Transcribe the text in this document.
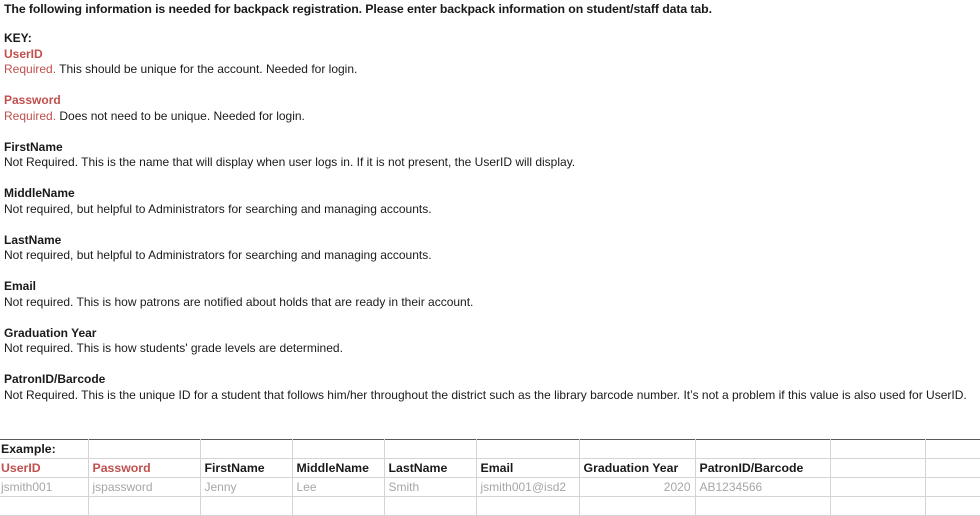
The following information is needed for backpack registration. Please enter backpack information on student/staff data tab.
KEY:
UserID
Required. This should be unique for the account. Needed for login.
Password
Required. Does not need to be unique. Needed for login.
FirstName
Not Required. This is the name that will display when user logs in. If it is not present, the UserID will display.
MiddleName
Not required, but helpful to Administrators for searching and managing accounts.
LastName
Not required, but helpful to Administrators for searching and managing accounts.
Email
Not required. This is how patrons are notified about holds that are ready in their account.
Graduation Year
Not required. This is how students' grade levels are determined.
PatronID/Barcode
Not Required. This is the unique ID for a student that follows him/her throughout the district such as the library barcode number. It’s not a problem if this value is also used for UserID.
Example:									
UserID	Password	FirstName	MiddleName	LastName	Email	Graduation Year	PatronID/Barcode		
jsmith001	jspassword	Jenny	Lee	Smith	jsmith001@isd2	2020	AB1234566		
